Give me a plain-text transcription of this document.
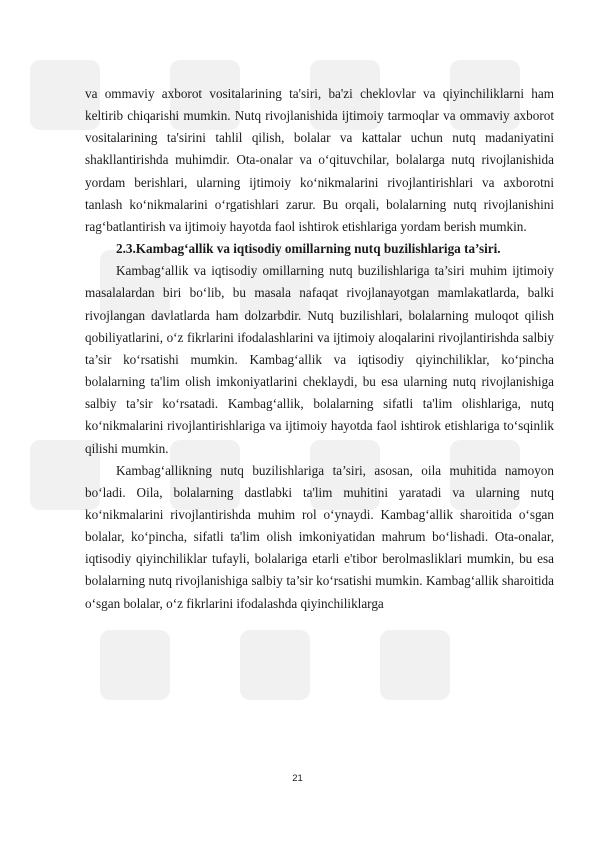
va ommaviy axborot vositalarining ta'siri, ba'zi cheklovlar va qiyinchiliklarni ham keltirib chiqarishi mumkin. Nutq rivojlanishida ijtimoiy tarmoqlar va ommaviy axborot vositalarining ta'sirini tahlil qilish, bolalar va kattalar uchun nutq madaniyatini shakllantirishda muhimdir. Ota-onalar va o‘qituvchilar, bolalarga nutq rivojlanishida yordam berishlari, ularning ijtimoiy ko‘nikmalarini rivojlantirishlari va axborotni tanlash ko‘nikmalarini o‘rgatishlari zarur. Bu orqali, bolalarning nutq rivojlanishini rag‘batlantirish va ijtimoiy hayotda faol ishtirok etishlariga yordam berish mumkin.

2.3.Kambag‘allik va iqtisodiy omillarning nutq buzilishlariga ta’siri.

Kambag‘allik va iqtisodiy omillarning nutq buzilishlariga ta’siri muhim ijtimoiy masalalardan biri bo‘lib, bu masala nafaqat rivojlanayotgan mamlakatlarda, balki rivojlangan davlatlarda ham dolzarbdir. Nutq buzilishlari, bolalarning muloqot qilish qobiliyatlarini, o‘z fikrlarini ifodalashlarini va ijtimoiy aloqalarini rivojlantirishda salbiy ta’sir ko‘rsatishi mumkin. Kambag‘allik va iqtisodiy qiyinchiliklar, ko‘pincha bolalarning ta'lim olish imkoniyatlarini cheklaydi, bu esa ularning nutq rivojlanishiga salbiy ta’sir ko‘rsatadi. Kambag‘allik, bolalarning sifatli ta'lim olishlariga, nutq ko‘nikmalarini rivojlantirishlariga va ijtimoiy hayotda faol ishtirok etishlariga to‘sqinlik qilishi mumkin.

Kambag‘allikning nutq buzilishlariga ta’siri, asosan, oila muhitida namoyon bo‘ladi. Oila, bolalarning dastlabki ta'lim muhitini yaratadi va ularning nutq ko‘nikmalarini rivojlantirishda muhim rol o‘ynaydi. Kambag‘allik sharoitida o‘sgan bolalar, ko‘pincha, sifatli ta'lim olish imkoniyatidan mahrum bo‘lishadi. Ota-onalar, iqtisodiy qiyinchiliklar tufayli, bolalariga etarli e'tibor berolmasliklari mumkin, bu esa bolalarning nutq rivojlanishiga salbiy ta’sir ko‘rsatishi mumkin. Kambag‘allik sharoitida o‘sgan bolalar, o‘z fikrlarini ifodalashda qiyinchiliklarga

21
